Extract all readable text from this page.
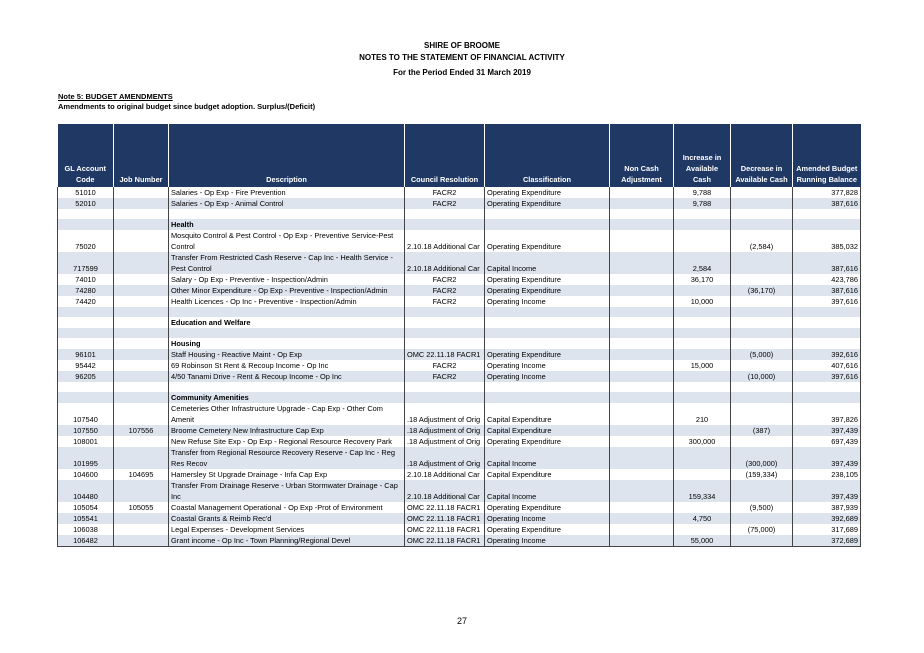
SHIRE OF BROOME
NOTES TO THE STATEMENT OF FINANCIAL ACTIVITY
For the Period Ended 31 March 2019
Note 5: BUDGET AMENDMENTS
Amendments to original budget since budget adoption. Surplus/(Deficit)
GL Account Code	Job Number	Description	Council Resolution	Classification	Non Cash Adjustment	Increase in Available Cash	Decrease in Available Cash	Amended Budget Running Balance
51010		Salaries - Op Exp - Fire Prevention	FACR2	Operating Expenditure		9,788		377,828
52010		Salaries - Op Exp - Animal Control	FACR2	Operating Expenditure		9,788		387,616

		Health						
75020		Mosquito Control & Pest Control - Op Exp - Preventive Service-Pest Control	2.10.18 Additional Car	Operating Expenditure			(2,584)	385,032
717599		Transfer From Restricted Cash Reserve - Cap Inc - Health Service - Pest Control	2.10.18 Additional Car	Capital Income		2,584		387,616
74010		Salary - Op Exp - Preventive - Inspection/Admin	FACR2	Operating Expenditure		36,170		423,786
74280		Other Minor Expenditure - Op Exp - Preventive - Inspection/Admin	FACR2	Operating Expenditure			(36,170)	387,616
74420		Health Licences - Op Inc - Preventive - Inspection/Admin	FACR2	Operating Income		10,000		397,616

		Education and Welfare						

		Housing						
96101		Staff Housing - Reactive Maint - Op Exp	OMC 22.11.18 FACR1	Operating Expenditure			(5,000)	392,616
95442		69 Robinson St Rent & Recoup Income - Op Inc	FACR2	Operating Income		15,000		407,616
96205		4/50 Tanami Drive - Rent & Recoup Income - Op Inc	FACR2	Operating Income			(10,000)	397,616

		Community Amenities						
107540		Cemeteries Other Infrastructure Upgrade - Cap Exp - Other Com Amenit	.18 Adjustment of Orig	Capital Expenditure		210		397,826
107550	107556	Broome Cemetery New Infrastructure Cap Exp	.18 Adjustment of Orig	Capital Expenditure			(387)	397,439
108001		New Refuse Site Exp - Op Exp - Regional Resource Recovery Park	.18 Adjustment of Orig	Operating Expenditure		300,000		697,439
101995		Transfer from Regional Resource Recovery Reserve - Cap Inc - Reg Res Recov	.18 Adjustment of Orig	Capital Income			(300,000)	397,439
104600	104695	Hamersley St Upgrade Drainage - Infa Cap Exp	2.10.18 Additional Car	Capital Expenditure			(159,334)	238,105
104480		Transfer From Drainage Reserve - Urban Stormwater Drainage - Cap Inc	2.10.18 Additional Car	Capital Income		159,334		397,439
105054	105055	Coastal Management Operational - Op Exp -Prot of Environment	OMC 22.11.18 FACR1	Operating Expenditure			(9,500)	387,939
105541		Coastal Grants & Reimb Rec'd	OMC 22.11.18 FACR1	Operating Income		4,750		392,689
106038		Legal Expenses - Development Services	OMC 22.11.18 FACR1	Operating Expenditure			(75,000)	317,689
106482		Grant income - Op Inc - Town Planning/Regional Devel	OMC 22.11.18 FACR1	Operating Income		55,000		372,689
27
